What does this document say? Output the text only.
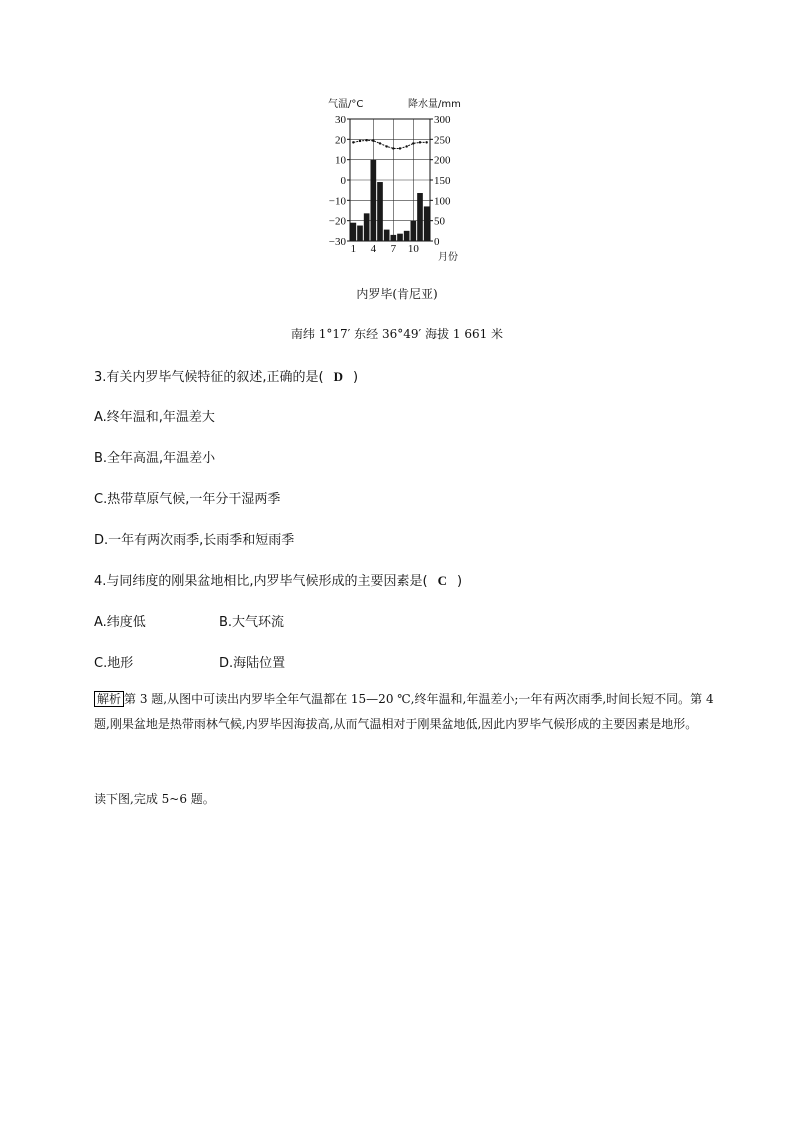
气温/°C	降水量/mm
30	300
20	250
10	200
0	150
−10	100
−20	50
−30	0
1 4 7 10
月份
内罗毕(肯尼亚)
南纬 1°17′ 东经 36°49′ 海拔 1 661 米
3.有关内罗毕气候特征的叙述,正确的是( D )
A.终年温和,年温差大
B.全年高温,年温差小
C.热带草原气候,一年分干湿两季
D.一年有两次雨季,长雨季和短雨季
4.与同纬度的刚果盆地相比,内罗毕气候形成的主要因素是( C )
A.纬度低	B.大气环流
C.地形	D.海陆位置
解析 第 3 题,从图中可读出内罗毕全年气温都在 15—20 ℃,终年温和,年温差小;一年有两次雨季,时间长短不同。第 4 题,刚果盆地是热带雨林气候,内罗毕因海拔高,从而气温相对于刚果盆地低,因此内罗毕气候形成的主要因素是地形。
读下图,完成 5~6 题。
